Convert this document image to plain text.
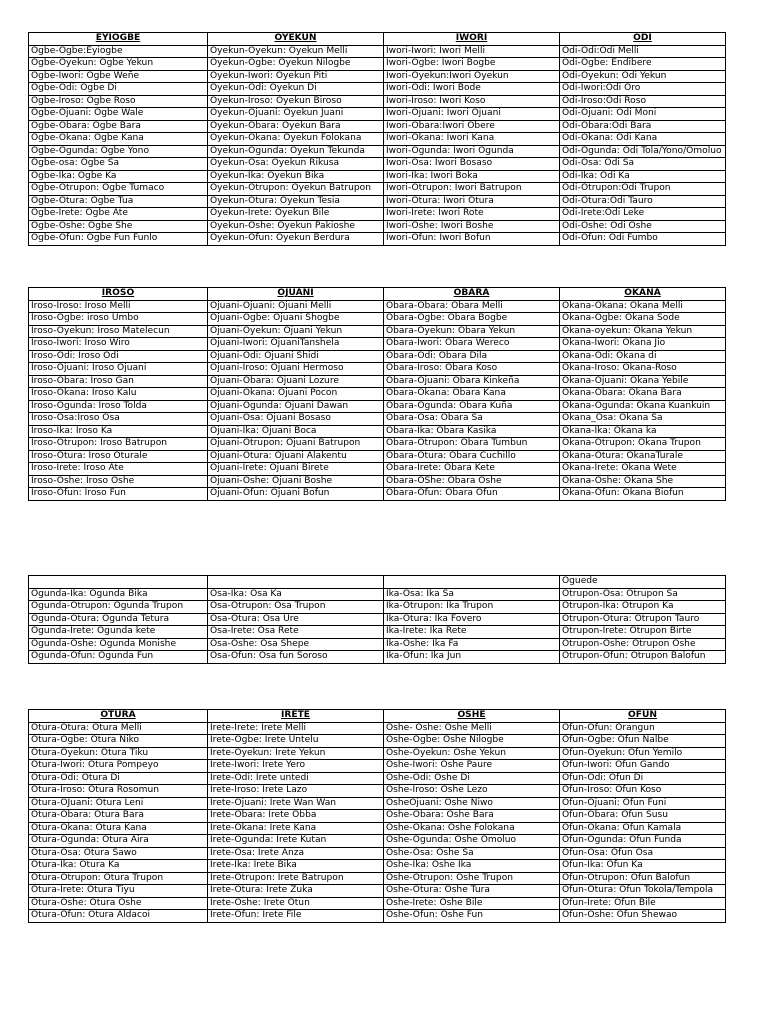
EYIOGBE	OYEKUN	IWORI	ODI
Ogbe-Ogbe:Eyiogbe	Oyekun-Oyekun: Oyekun Melli	Iwori-Iwori: Iwori Melli	Odi-Odi:Odi Melli
Ogbe-Oyekun: Ogbe Yekun	Oyekun-Ogbe: Oyekun Nilogbe	Iwori-Ogbe: Iwori Bogbe	Odi-Ogbe: Endibere
Ogbe-Iwori: Ogbe Weñe	Oyekun-Iwori: Oyekun Piti	Iwori-Oyekun:Iwori Oyekun	Odi-Oyekun: Odi Yekun
Ogbe-Odi: Ogbe Di	Oyekun-Odi: Oyekun Di	Iwori-Odi: Iwori Bode	Odi-Iwori:Odi Oro
Ogbe-Iroso: Ogbe Roso	Oyekun-Iroso: Oyekun Biroso	Iwori-Iroso: Iwori Koso	Odi-Iroso:Odi Roso
Ogbe-Ojuani: Ogbe Wale	Oyekun-Ojuani: Oyekun Juani	Iwori-Ojuani: Iwori Ojuani	Odi-Ojuani: Odi Moni
Ogbe-Obara: Ogbe Bara	Oyekun-Obara: Oyekun Bara	Iwori-Obara:Iwori Obere	Odi-Obara:Odi Bara
Ogbe-Okana: Ogbe Kana	Oyekun-Okana: Oyekun Folokana	Iwori-Okana: Iwori Kana	Odi-Okana: Odi Kana
Ogbe-Ogunda: Ogbe Yono	Oyekun-Ogunda: Oyekun Tekunda	Iwori-Ogunda: Iwori Ogunda	Odi-Ogunda: Odi Tola/Yono/Omoluo
Ogbe-osa: Ogbe Sa	Oyekun-Osa: Oyekun Rikusa	Iwori-Osa: Iwori Bosaso	Odi-Osa: Odi Sa
Ogbe-Ika: Ogbe Ka	Oyekun-Ika: Oyekun Bika	Iwori-Ika: Iwori Boka	Odi-Ika: Odi Ka
Ogbe-Otrupon: Ogbe Tumaco	Oyekun-Otrupon: Oyekun Batrupon	Iwori-Otrupon: Iwori Batrupon	Odi-Otrupon:Odi Trupon
Ogbe-Otura: Ogbe Tua	Oyekun-Otura: Oyekun Tesia	Iwori-Otura: Iwori Otura	Odi-Otura:Odi Tauro
Ogbe-Irete: Ogbe Ate	Oyekun-Irete: Oyekun Bile	Iwori-Irete: Iwori Rote	Odi-Irete:Odi Leke
Ogbe-Oshe: Ogbe She	Oyekun-Oshe: Oyekun Pakioshe	Iwori-Oshe: Iwori Boshe	Odi-Oshe: Odi Oshe
Ogbe-Ofun: Ogbe Fun Funlo	Oyekun-Ofun: Oyekun Berdura	Iwori-Ofun: Iwori Bofun	Odi-Ofun: Odi Fumbo
IROSO	OJUANI	OBARA	OKANA
Iroso-Iroso: Iroso Melli	Ojuani-Ojuani: Ojuani Melli	Obara-Obara: Obara Melli	Okana-Okana: Okana Melli
Iroso-Ogbe: iroso Umbo	Ojuani-Ogbe: Ojuani Shogbe	Obara-Ogbe: Obara Bogbe	Okana-Ogbe: Okana Sode
Iroso-Oyekun: Iroso Matelecun	Ojuani-Oyekun: Ojuani Yekun	Obara-Oyekun: Obara Yekun	Okana-oyekun: Okana Yekun
Iroso-Iwori: Iroso Wiro	Ojuani-Iwori: OjuaniTanshela	Obara-Iwori: Obara Wereco	Okana-Iwori: Okana Jio
Iroso-Odi: Iroso Odi	Ojuani-Odi: Ojuani Shidi	Obara-Odi: Obara Dila	Okana-Odi: Okana di
Iroso-Ojuani: Iroso Ojuani	Ojuani-Iroso: Ojuani Hermoso	Obara-Iroso: Obara Koso	Okana-Iroso: Okana-Roso
Iroso-Obara: Iroso Gan	Ojuani-Obara: Ojuani Lozure	Obara-Ojuani: Obara Kinkeña	Okana-Ojuani: Okana Yebile
Iroso-Okana: Iroso Kalu	Ojuani-Okana: Ojuani Pocon	Obara-Okana: Obara Kana	Okana-Obara: Okana Bara
Iroso-Ogunda: Iroso Tolda	Ojuani-Ogunda: Ojuani Dawan	Obara-Ogunda: Obara Kuña	Okana-Ogunda: Okana Kuankuin
Iroso-Osa:Iroso Osa	Ojuani-Osa: Ojuani Bosaso	Obara-Osa: Obara Sa	Okana_Osa: Okana Sa
Iroso-Ika: Iroso Ka	Ojuani-Ika: Ojuani Boca	Obara-Ika: Obara Kasika	Okana-Ika: Okana ka
Iroso-Otrupon: Iroso Batrupon	Ojuani-Otrupon: Ojuani Batrupon	Obara-Otrupon: Obara Tumbun	Okana-Otrupon: Okana Trupon
Iroso-Otura: Iroso Oturale	Ojuani-Otura: Ojuani Alakentu	Obara-Otura: Obara Cuchillo	Okana-Otura: OkanaTurale
Iroso-Irete: Iroso Ate	Ojuani-Irete: Ojuani Birete	Obara-Irete: Obara Kete	Okana-Irete: Okana Wete
Iroso-Oshe: Iroso Oshe	Ojuani-Oshe: Ojuani Boshe	Obara-OShe: Obara Oshe	Okana-Oshe: Okana She
Iroso-Ofun: Iroso Fun	Ojuani-Ofun: Ojuani Bofun	Obara-Ofun: Obara Ofun	Okana-Ofun: Okana Biofun
			Oguede
Ogunda-Ika: Ogunda Bika	Osa-Ika: Osa Ka	Ika-Osa: Ika Sa	Otrupon-Osa: Otrupon Sa
Ogunda-Otrupon: Ogunda Trupon	Osa-Otrupon: Osa Trupon	Ika-Otrupon: Ika Trupon	Otrupon-Ika: Otrupon Ka
Ogunda-Otura: Ogunda Tetura	Osa-Otura: Osa Ure	Ika-Otura: Ika Fovero	Otrupon-Otura: Otrupon Tauro
Ogunda-Irete: Ogunda kete	Osa-Irete: Osa Rete	Ika-Irete: Ika Rete	Otrupon-Irete: Otrupon Birte
Ogunda-Oshe: Ogunda Monishe	Osa-Oshe: Osa Shepe	Ika-Oshe: Ika Fa	Otrupon-Oshe: Otrupon Oshe
Ogunda-Ofun: Ogunda Fun	Osa-Ofun: Osa fun Soroso	Ika-Ofun: Ika Jun	Otrupon-Ofun: Otrupon Balofun
OTURA	IRETE	OSHE	OFUN
Otura-Otura: Otura Melli	Irete-Irete: Irete Melli	Oshe- Oshe: Oshe Melli	Ofun-Ofun: Orangun
Otura-Ogbe: Otura Niko	Irete-Ogbe: Irete Untelu	Oshe-Ogbe: Oshe Nilogbe	Ofun-Ogbe: Ofun Nalbe
Otura-Oyekun: Otura Tiku	Irete-Oyekun: Irete Yekun	Oshe-Oyekun: Oshe Yekun	Ofun-Oyekun: Ofun Yemilo
Otura-Iwori: Otura Pompeyo	Irete-Iwori: Irete Yero	Oshe-Iwori: Oshe Paure	Ofun-Iwori: Ofun Gando
Otura-Odi: Otura Di	Irete-Odi: Irete untedi	Oshe-Odi: Oshe Di	Ofun-Odi: Ofun Di
Otura-Iroso: Otura Rosomun	Irete-Iroso: Irete Lazo	Oshe-Iroso: Oshe Lezo	Ofun-Iroso: Ofun Koso
Otura-OJuani: Otura Leni	Irete-Ojuani: Irete Wan Wan	OsheOjuani: Oshe Niwo	Ofun-Ojuani: Ofun Funi
Otura-Obara: Otura Bara	Irete-Obara: Irete Obba	Oshe-Obara: Oshe Bara	Ofun-Obara: Ofun Susu
Otura-Okana: Otura Kana	Irete-Okana: Irete Kana	Oshe-Okana: Oshe Folokana	Ofun-Okana: Ofun Kamala
Otura-Ogunda: Otura Aira	Irete-Ogunda: Irete Kutan	Oshe-Ogunda: Oshe Omoluo	Ofun-Ogunda: Ofun Funda
Otura-Osa: Otura Sawo	Irete-Osa: Irete Anza	Oshe-Osa: Oshe Sa	Ofun-Osa: Ofun Osa
Otura-Ika: Otura Ka	Irete-Ika: Irete Bika	Oshe-Ika: Oshe Ika	Ofun-Ika: Ofun Ka
Otura-Otrupon: Otura Trupon	Irete-Otrupon: Irete Batrupon	Oshe-Otrupon: Oshe Trupon	Ofun-Otrupon: Ofun Balofun
Otura-Irete: Otura Tiyu	Irete-Otura: Irete Zuka	Oshe-Otura: Oshe Tura	Ofun-Otura: Ofun Tokola/Tempola
Otura-Oshe: Otura Oshe	Irete-Oshe: Irete Otun	Oshe-Irete: Oshe Bile	Ofun-Irete: Ofun Bile
Otura-Ofun: Otura Aldacoi	Irete-Ofun: Irete File	Oshe-Ofun: Oshe Fun	Ofun-Oshe: Ofun Shewao
